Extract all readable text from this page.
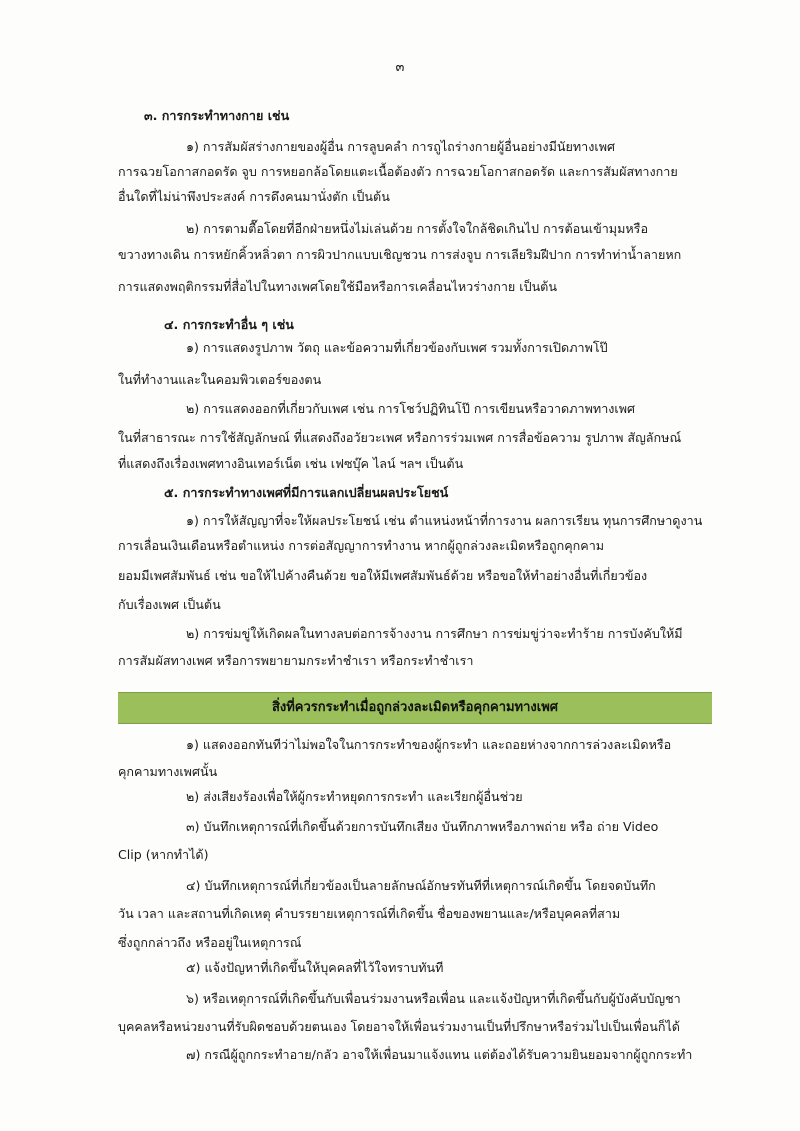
๓
๓. การกระทำทางกาย เช่น
๑) การสัมผัสร่างกายของผู้อื่น การลูบคลำ การถูไถร่างกายผู้อื่นอย่างมีนัยทางเพศ
การฉวยโอกาสกอดรัด จูบ การหยอกล้อโดยแตะเนื้อต้องตัว การฉวยโอกาสกอดรัด และการสัมผัสทางกาย
อื่นใดที่ไม่น่าพึงประสงค์ การดึงคนมานั่งตัก เป็นต้น
๒) การตามตื๊อโดยที่อีกฝ่ายหนึ่งไม่เล่นด้วย การตั้งใจใกล้ชิดเกินไป การต้อนเข้ามุมหรือ
ขวางทางเดิน การหยักคิ้วหลิ่วตา การผิวปากแบบเชิญชวน การส่งจูบ การเลียริมฝีปาก การทำท่าน้ำลายหก
การแสดงพฤติกรรมที่สื่อไปในทางเพศโดยใช้มือหรือการเคลื่อนไหวร่างกาย เป็นต้น
๔. การกระทำอื่น ๆ เช่น
๑) การแสดงรูปภาพ วัตถุ และข้อความที่เกี่ยวข้องกับเพศ รวมทั้งการเปิดภาพโป๊
ในที่ทำงานและในคอมพิวเตอร์ของตน
๒) การแสดงออกที่เกี่ยวกับเพศ เช่น การโชว์ปฏิทินโป๊ การเขียนหรือวาดภาพทางเพศ
ในที่สาธารณะ การใช้สัญลักษณ์ ที่แสดงถึงอวัยวะเพศ หรือการร่วมเพศ การสื่อข้อความ รูปภาพ สัญลักษณ์
ที่แสดงถึงเรื่องเพศทางอินเทอร์เน็ต เช่น เฟซบุ๊ค ไลน์ ฯลฯ เป็นต้น
๕. การกระทำทางเพศที่มีการแลกเปลี่ยนผลประโยชน์
๑) การให้สัญญาที่จะให้ผลประโยชน์ เช่น ตำแหน่งหน้าที่การงาน ผลการเรียน ทุนการศึกษาดูงาน
การเลื่อนเงินเดือนหรือตำแหน่ง การต่อสัญญาการทำงาน หากผู้ถูกล่วงละเมิดหรือถูกคุกคาม
ยอมมีเพศสัมพันธ์ เช่น ขอให้ไปค้างคืนด้วย ขอให้มีเพศสัมพันธ์ด้วย หรือขอให้ทำอย่างอื่นที่เกี่ยวข้อง
กับเรื่องเพศ เป็นต้น
๒) การข่มขู่ให้เกิดผลในทางลบต่อการจ้างงาน การศึกษา การข่มขู่ว่าจะทำร้าย การบังคับให้มี
การสัมผัสทางเพศ หรือการพยายามกระทำชำเรา หรือกระทำชำเรา
สิ่งที่ควรกระทำเมื่อถูกล่วงละเมิดหรือคุกคามทางเพศ
๑) แสดงออกทันทีว่าไม่พอใจในการกระทำของผู้กระทำ และถอยห่างจากการล่วงละเมิดหรือ
คุกคามทางเพศนั้น
๒) ส่งเสียงร้องเพื่อให้ผู้กระทำหยุดการกระทำ และเรียกผู้อื่นช่วย
๓) บันทึกเหตุการณ์ที่เกิดขึ้นด้วยการบันทึกเสียง บันทึกภาพหรือภาพถ่าย หรือ ถ่าย Video
Clip (หากทำได้)
๔) บันทึกเหตุการณ์ที่เกี่ยวข้องเป็นลายลักษณ์อักษรทันทีที่เหตุการณ์เกิดขึ้น โดยจดบันทึก
วัน เวลา และสถานที่เกิดเหตุ คำบรรยายเหตุการณ์ที่เกิดขึ้น ชื่อของพยานและ/หรือบุคคลที่สาม
ซึ่งถูกกล่าวถึง หรืออยู่ในเหตุการณ์
๕) แจ้งปัญหาที่เกิดขึ้นให้บุคคลที่ไว้ใจทราบทันที
๖) หรือเหตุการณ์ที่เกิดขึ้นกับเพื่อนร่วมงานหรือเพื่อน และแจ้งปัญหาที่เกิดขึ้นกับผู้บังคับบัญชา
บุคคลหรือหน่วยงานที่รับผิดชอบด้วยตนเอง โดยอาจให้เพื่อนร่วมงานเป็นที่ปรึกษาหรือร่วมไปเป็นเพื่อนก็ได้
๗) กรณีผู้ถูกกระทำอาย/กลัว อาจให้เพื่อนมาแจ้งแทน แต่ต้องได้รับความยินยอมจากผู้ถูกกระทำ
